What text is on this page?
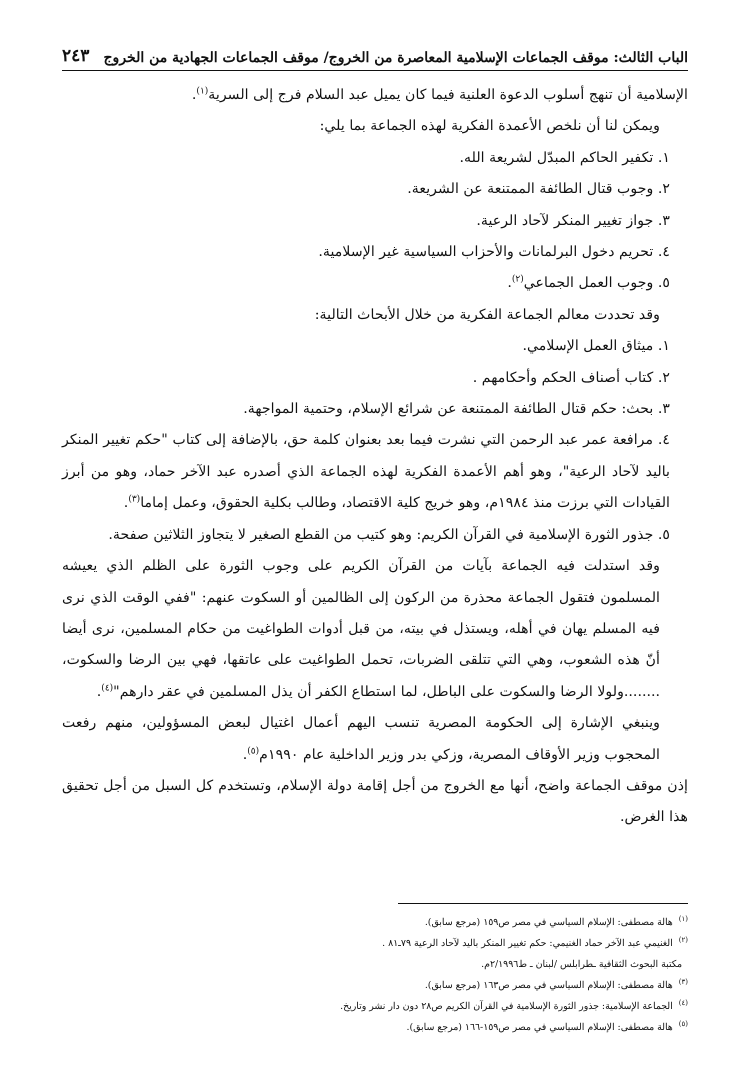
الباب الثالث: موقف الجماعات الإسلامية المعاصرة من الخروج/ موقف الجماعات الجهادية من الخروج
٢٤٣

الإسلامية أن تنهج أسلوب الدعوة العلنية فيما كان يميل عبد السلام فرج إلى السرية$^{(١)}$.

ويمكن لنا أن نلخص الأعمدة الفكرية لهذه الجماعة بما يلي:

١. تكفير الحاكم المبدّل لشريعة الله.

٢. وجوب قتال الطائفة الممتنعة عن الشريعة.

٣. جواز تغيير المنكر لآحاد الرعية.

٤. تحريم دخول البرلمانات والأحزاب السياسية غير الإسلامية.

٥. وجوب العمل الجماعي$^{(٢)}$.

وقد تحددت معالم الجماعة الفكرية من خلال الأبحاث التالية:

١. ميثاق العمل الإسلامي.

٢. كتاب أصناف الحكم وأحكامهم .

٣. بحث: حكم قتال الطائفة الممتنعة عن شرائع الإسلام، وحتمية المواجهة.

٤. مرافعة عمر عبد الرحمن التي نشرت فيما بعد بعنوان كلمة حق، بالإضافة إلى كتاب "حكم تغيير المنكر باليد لآحاد الرعية"، وهو أهم الأعمدة الفكرية لهذه الجماعة الذي أصدره عبد الآخر حماد، وهو من أبرز القيادات التي برزت منذ ١٩٨٤م، وهو خريج كلية الاقتصاد، وطالب بكلية الحقوق، وعمل إماما$^{(٣)}$.

٥. جذور الثورة الإسلامية في القرآن الكريم: وهو كتيب من القطع الصغير لا يتجاوز الثلاثين صفحة.

وقد استدلت فيه الجماعة بآيات من القرآن الكريم على وجوب الثورة على الظلم الذي يعيشه المسلمون فتقول الجماعة محذرة من الركون إلى الظالمين أو السكوت عنهم: "ففي الوقت الذي نرى فيه المسلم يهان في أهله، ويستذل في بيته، من قبل أدوات الطواغيت من حكام المسلمين، نرى أيضا أنّ هذه الشعوب، وهي التي تتلقى الضربات، تحمل الطواغيت على عاتقها، فهي بين الرضا والسكوت، ........ولولا الرضا والسكوت على الباطل، لما استطاع الكفر أن يذل المسلمين في عقر دارهم"$^{(٤)}$.

وينبغي الإشارة إلى الحكومة المصرية تنسب اليهم أعمال اغتيال لبعض المسؤولين، منهم رفعت المحجوب وزير الأوقاف المصرية، وزكي بدر وزير الداخلية عام ١٩٩٠م$^{(٥)}$.

إذن موقف الجماعة واضح، أنها مع الخروج من أجل إقامة دولة الإسلام، وتستخدم كل السبل من أجل تحقيق هذا الغرض.

$^{(١)}$هالة مصطفى: الإسلام السياسي في مصر ص١٥٩ (مرجع سابق).

$^{(٢)}$الغنيمي عبد الآخر حماد الغنيمي: حكم تغيير المنكر باليد لآحاد الرعية ٧٩ـ٨١ .

مكتبة البحوث الثقافية ـطرابلس /لبنان ـ ط٢/١٩٩٦م.

$^{(٣)}$هالة مصطفى: الإسلام السياسي في مصر ص١٦٣ (مرجع سابق).

$^{(٤)}$الجماعة الإسلامية: جذور الثورة الإسلامية في القرآن الكريم ص٢٨ دون دار نشر وتاريخ.

$^{(٥)}$هالة مصطفى: الإسلام السياسي في مصر ص١٥٩-١٦٦ (مرجع سابق).
